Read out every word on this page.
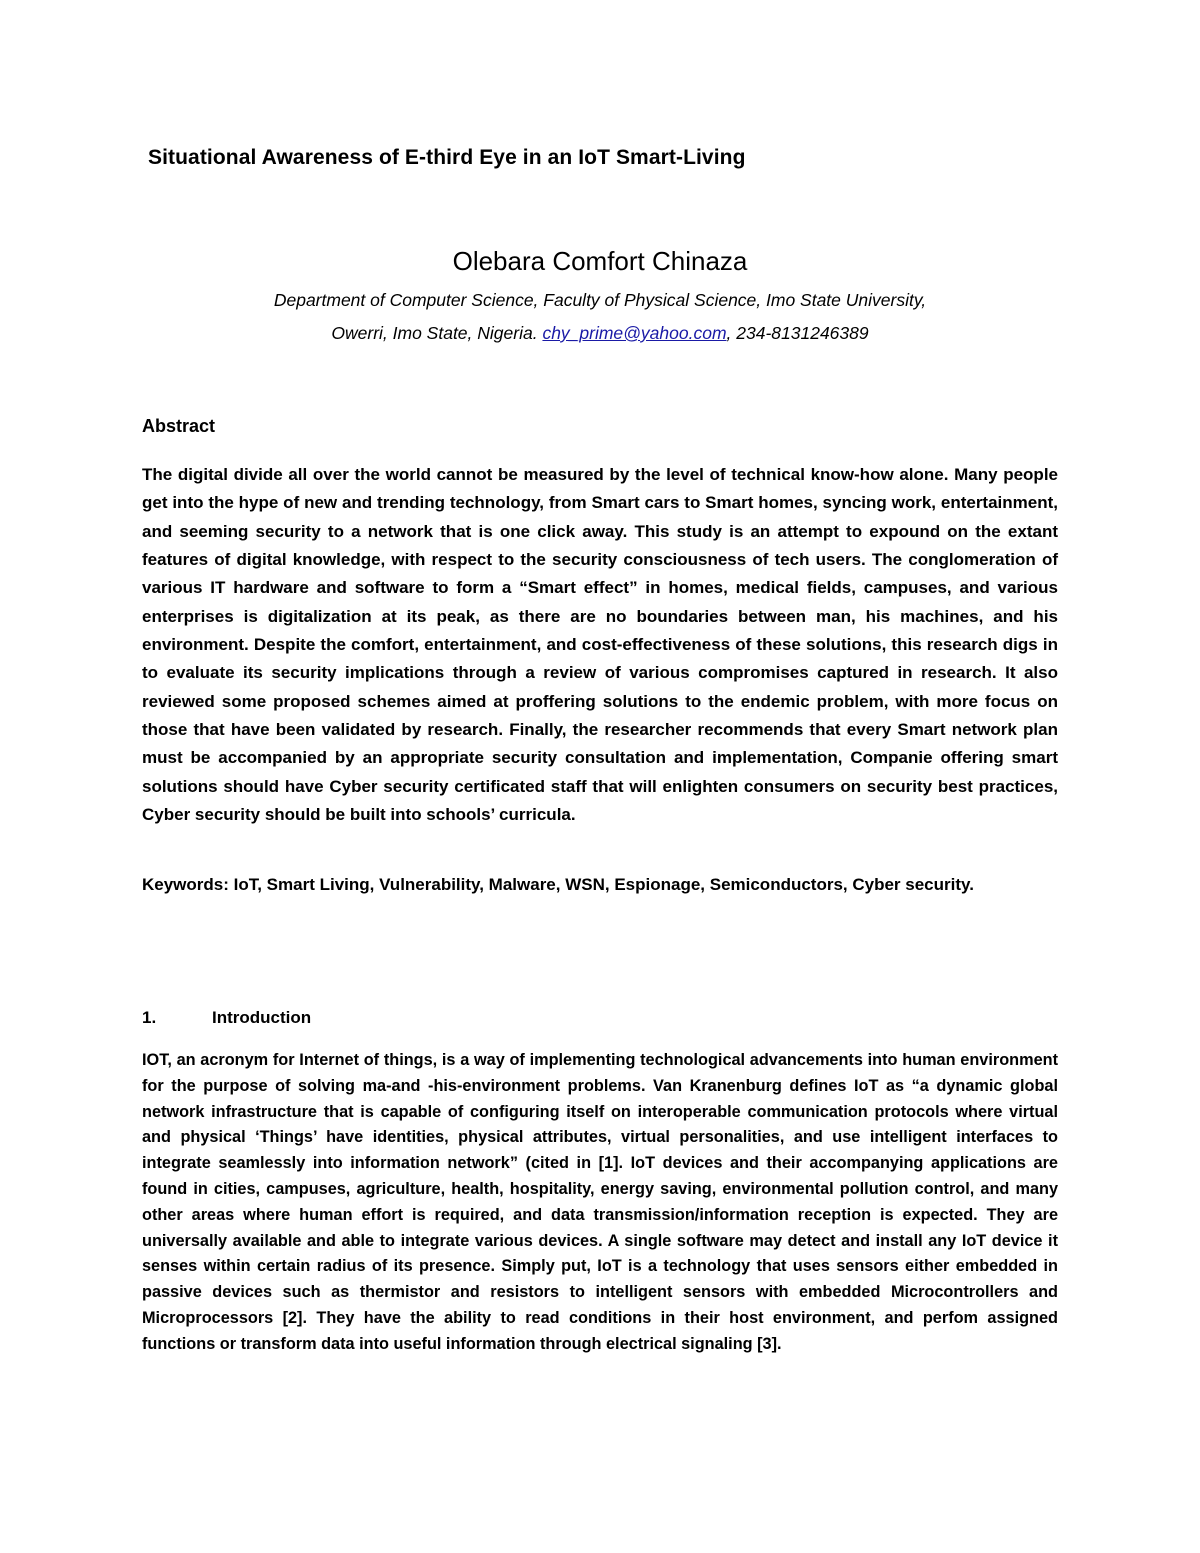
Situational Awareness of E-third Eye in an IoT Smart-Living
Olebara Comfort Chinaza
Department of Computer Science, Faculty of Physical Science, Imo State University,
Owerri, Imo State, Nigeria. chy_prime@yahoo.com, 234-8131246389
Abstract
The digital divide all over the world cannot be measured by the level of technical know-how alone. Many people get into the hype of new and trending technology, from Smart cars to Smart homes, syncing work, entertainment, and seeming security to a network that is one click away. This study is an attempt to expound on the extant features of digital knowledge, with respect to the security consciousness of tech users. The conglomeration of various IT hardware and software to form a “Smart effect” in homes, medical fields, campuses, and various enterprises is digitalization at its peak, as there are no boundaries between man, his machines, and his environment. Despite the comfort, entertainment, and cost-effectiveness of these solutions, this research digs in to evaluate its security implications through a review of various compromises captured in research. It also reviewed some proposed schemes aimed at proffering solutions to the endemic problem, with more focus on those that have been validated by research. Finally, the researcher recommends that every Smart network plan must be accompanied by an appropriate security consultation and implementation, Companie offering smart solutions should have Cyber security certificated staff that will enlighten consumers on security best practices, Cyber security should be built into schools’ curricula.
Keywords: IoT, Smart Living, Vulnerability, Malware, WSN, Espionage, Semiconductors, Cyber security.
1.	Introduction
IOT, an acronym for Internet of things, is a way of implementing technological advancements into human environment for the purpose of solving ma-and -his-environment problems. Van Kranenburg defines IoT as “a dynamic global network infrastructure that is capable of configuring itself on interoperable communication protocols where virtual and physical ‘Things’ have identities, physical attributes, virtual personalities, and use intelligent interfaces to integrate seamlessly into information network” (cited in [1]. IoT devices and their accompanying applications are found in cities, campuses, agriculture, health, hospitality, energy saving, environmental pollution control, and many other areas where human effort is required, and data transmission/information reception is expected. They are universally available and able to integrate various devices. A single software may detect and install any IoT device it senses within certain radius of its presence. Simply put, IoT is a technology that uses sensors either embedded in passive devices such as thermistor and resistors to intelligent sensors with embedded Microcontrollers and Microprocessors [2]. They have the ability to read conditions in their host environment, and perfom assigned functions or transform data into useful information through electrical signaling [3].
